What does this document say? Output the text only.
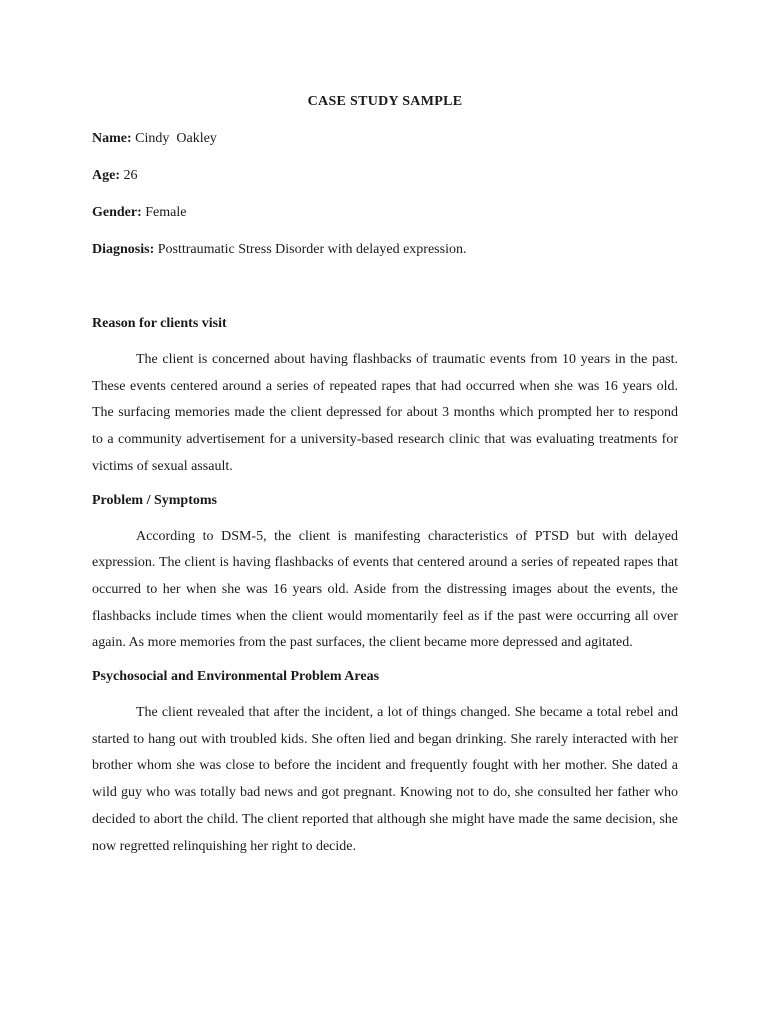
CASE STUDY SAMPLE
Name: Cindy  Oakley
Age: 26
Gender: Female
Diagnosis: Posttraumatic Stress Disorder with delayed expression.
Reason for clients visit

The client is concerned about having flashbacks of traumatic events from 10 years in the past. These events centered around a series of repeated rapes that had occurred when she was 16 years old. The surfacing memories made the client depressed for about 3 months which prompted her to respond to a community advertisement for a university-based research clinic that was evaluating treatments for victims of sexual assault.

Problem / Symptoms

According to DSM-5, the client is manifesting characteristics of PTSD but with delayed expression. The client is having flashbacks of events that centered around a series of repeated rapes that occurred to her when she was 16 years old. Aside from the distressing images about the events, the flashbacks include times when the client would momentarily feel as if the past were occurring all over again. As more memories from the past surfaces, the client became more depressed and agitated.

Psychosocial and Environmental Problem Areas

The client revealed that after the incident, a lot of things changed. She became a total rebel and started to hang out with troubled kids. She often lied and began drinking. She rarely interacted with her brother whom she was close to before the incident and frequently fought with her mother. She dated a wild guy who was totally bad news and got pregnant. Knowing not to do, she consulted her father who decided to abort the child. The client reported that although she might have made the same decision, she now regretted relinquishing her right to decide.
